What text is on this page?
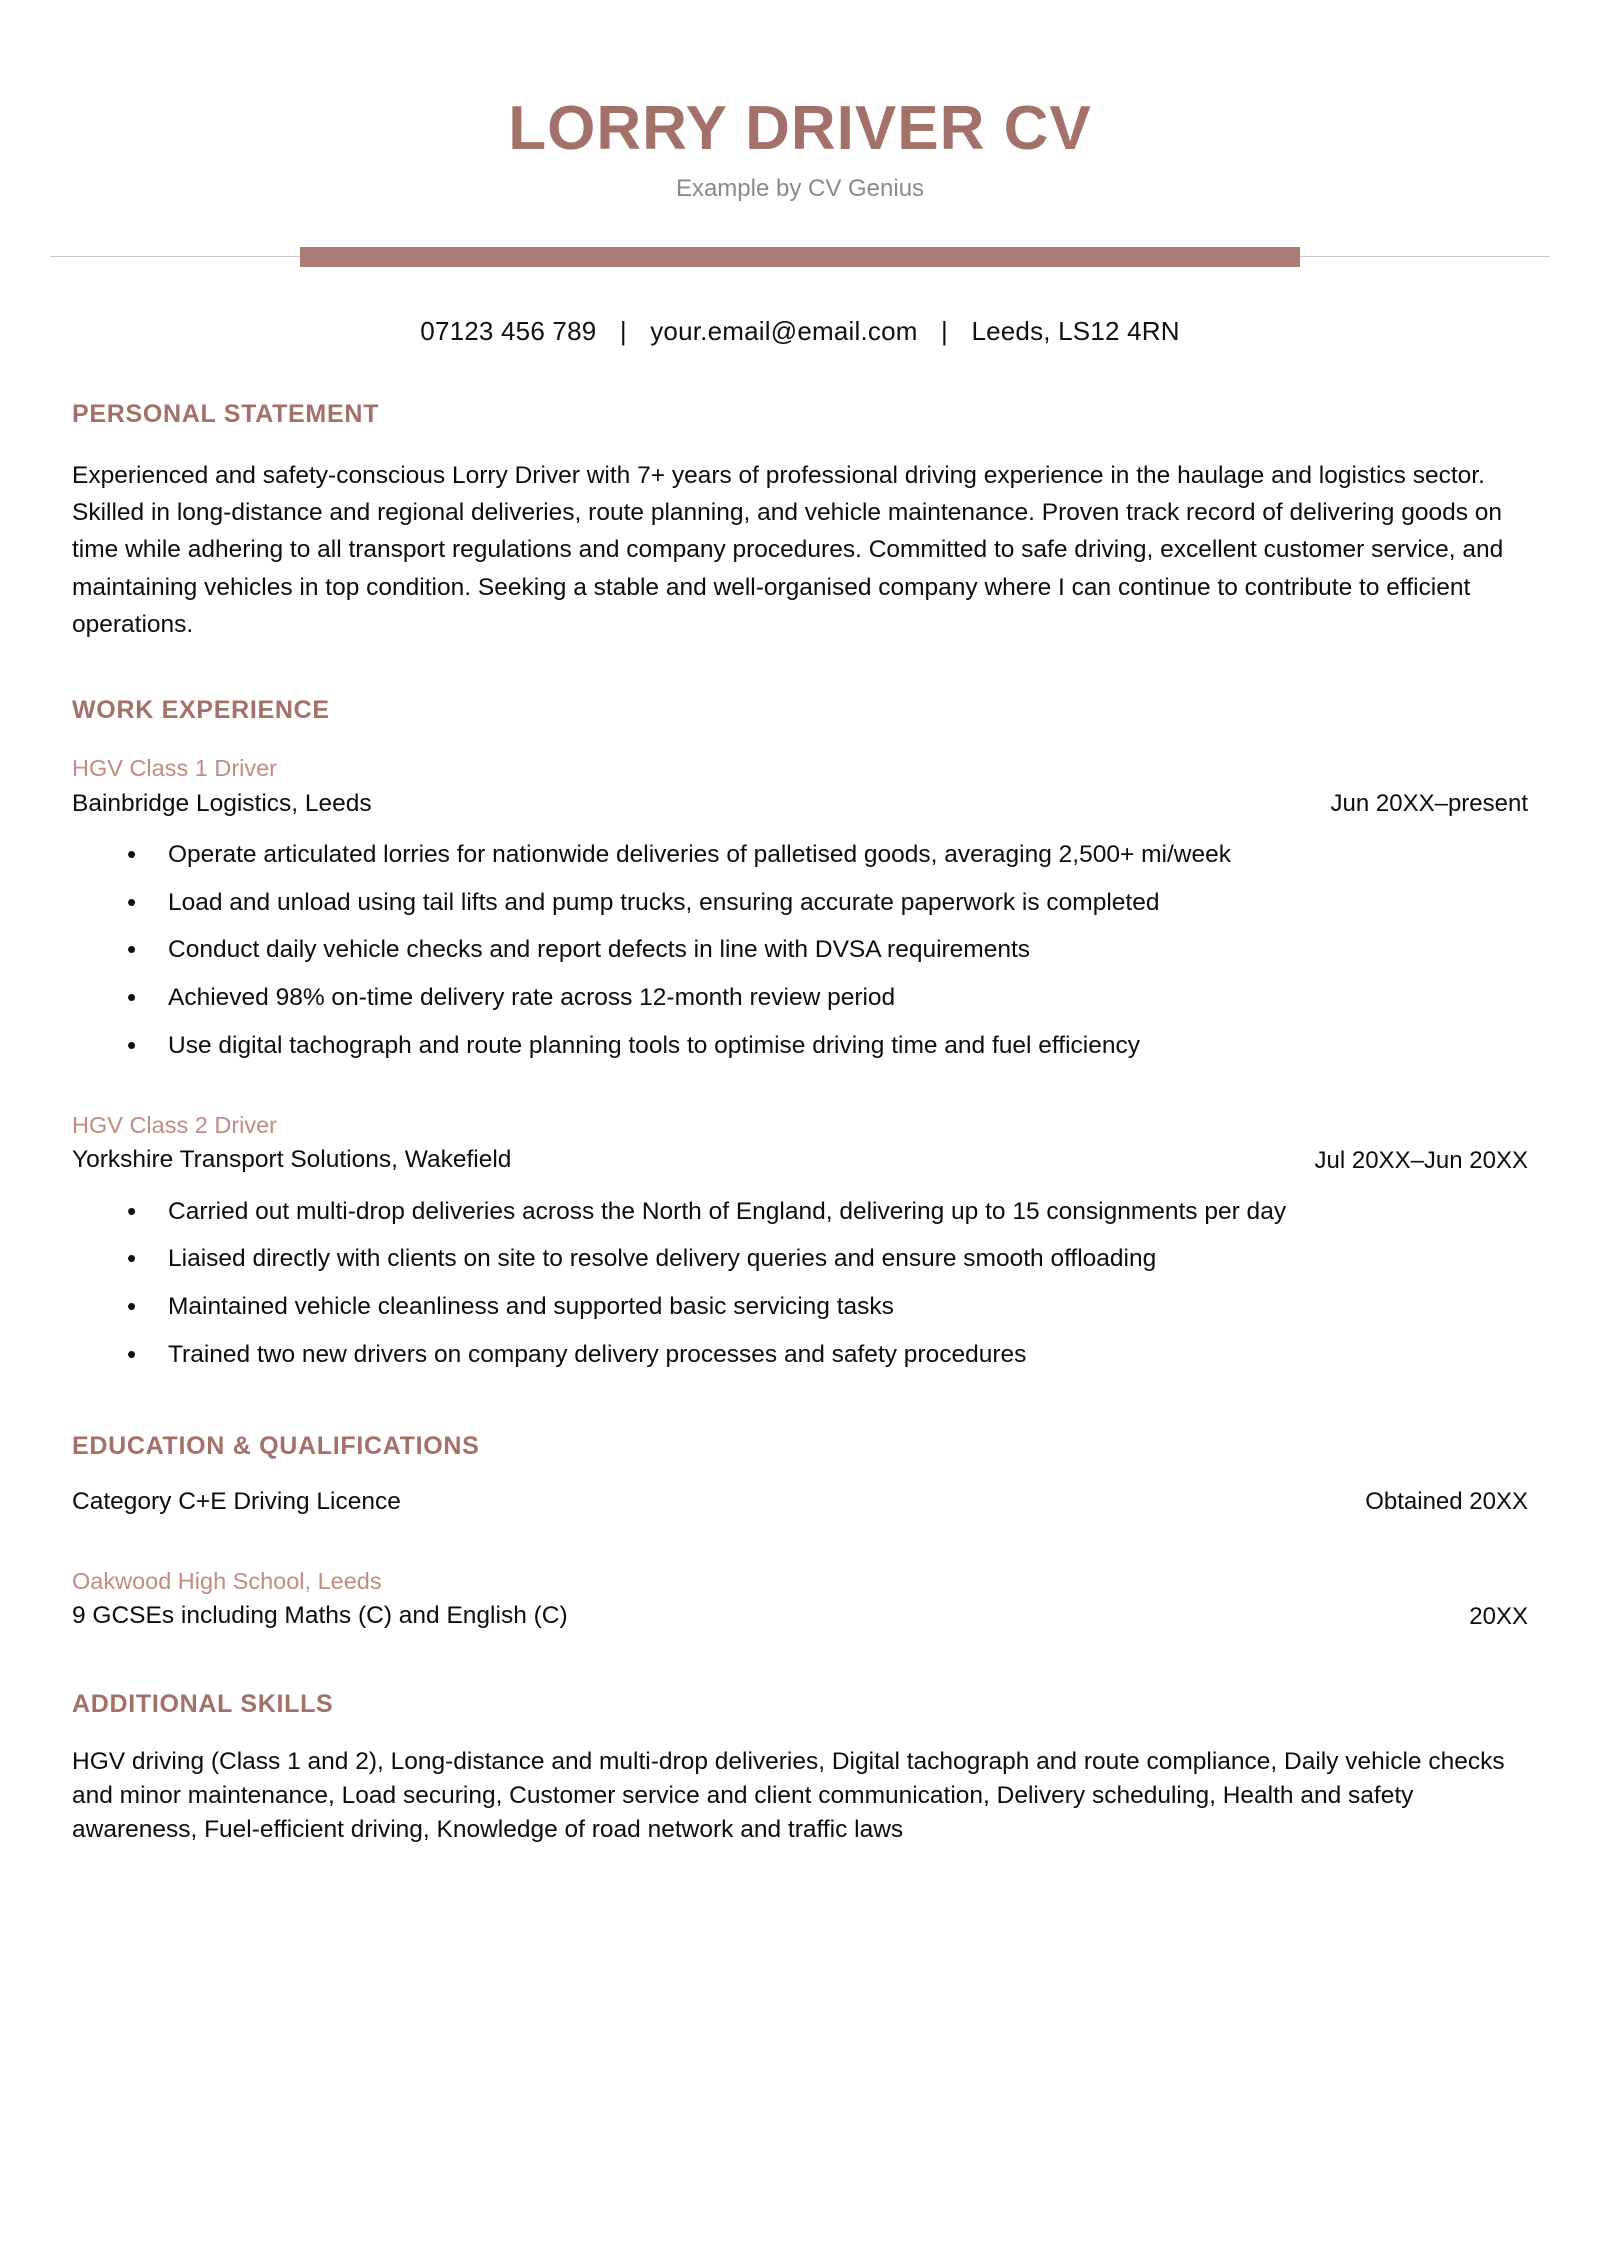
LORRY DRIVER CV
Example by CV Genius
07123 456 789 | your.email@email.com | Leeds, LS12 4RN
PERSONAL STATEMENT
Experienced and safety-conscious Lorry Driver with 7+ years of professional driving experience in the haulage and logistics sector. Skilled in long-distance and regional deliveries, route planning, and vehicle maintenance. Proven track record of delivering goods on time while adhering to all transport regulations and company procedures. Committed to safe driving, excellent customer service, and maintaining vehicles in top condition. Seeking a stable and well-organised company where I can continue to contribute to efficient operations.
WORK EXPERIENCE
HGV Class 1 Driver
Bainbridge Logistics, Leeds	Jun 20XX–present
• Operate articulated lorries for nationwide deliveries of palletised goods, averaging 2,500+ mi/week
• Load and unload using tail lifts and pump trucks, ensuring accurate paperwork is completed
• Conduct daily vehicle checks and report defects in line with DVSA requirements
• Achieved 98% on-time delivery rate across 12-month review period
• Use digital tachograph and route planning tools to optimise driving time and fuel efficiency
HGV Class 2 Driver
Yorkshire Transport Solutions, Wakefield	Jul 20XX–Jun 20XX
• Carried out multi-drop deliveries across the North of England, delivering up to 15 consignments per day
• Liaised directly with clients on site to resolve delivery queries and ensure smooth offloading
• Maintained vehicle cleanliness and supported basic servicing tasks
• Trained two new drivers on company delivery processes and safety procedures
EDUCATION & QUALIFICATIONS
Category C+E Driving Licence	Obtained 20XX
Oakwood High School, Leeds
9 GCSEs including Maths (C) and English (C)	20XX
ADDITIONAL SKILLS
HGV driving (Class 1 and 2), Long-distance and multi-drop deliveries, Digital tachograph and route compliance, Daily vehicle checks and minor maintenance, Load securing, Customer service and client communication, Delivery scheduling, Health and safety awareness, Fuel-efficient driving, Knowledge of road network and traffic laws
